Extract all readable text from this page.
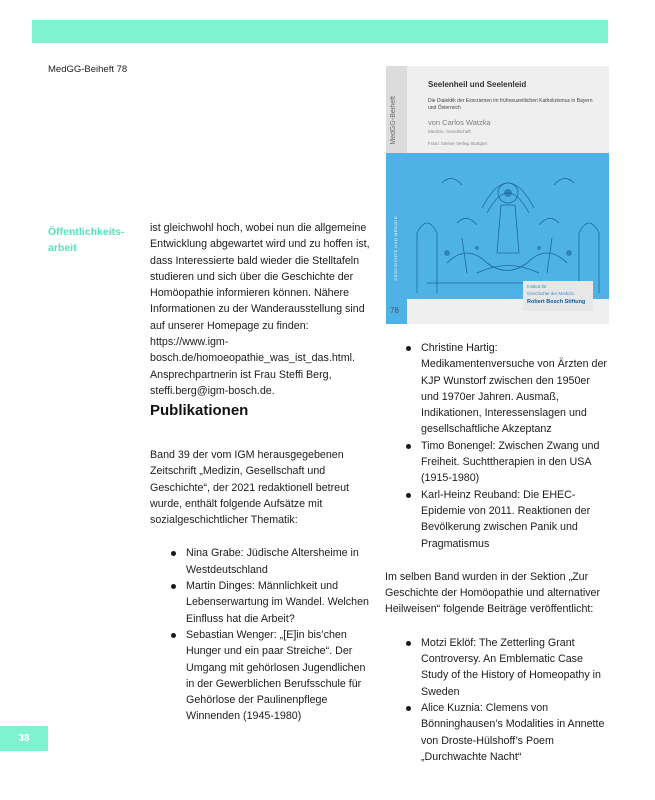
MedGG-Beiheft 78
Öffentlichkeits-
arbeit

ist gleichwohl hoch, wobei nun die allgemeine Entwicklung abgewartet wird und zu hoffen ist, dass Interessierte bald wieder die Stelltafeln studieren und sich über die Geschichte der Homöopathie informieren können. Nähere Informationen zu der Wanderausstellung sind auf unserer Homepage zu finden: https://www.igm-bosch.de/homoeopathie_was_ist_das.html. Ansprechpartnerin ist Frau Steffi Berg, steffi.berg@igm-bosch.de.

Publikationen

Band 39 der vom IGM herausgegebenen Zeitschrift „Medizin, Gesellschaft und Geschichte“, der 2021 redaktionell betreut wurde, enthält folgende Aufsätze mit sozialgeschichtlicher Thematik:

Nina Grabe: Jüdische Altersheime in Westdeutschland
Martin Dinges: Männlichkeit und Lebenserwartung im Wandel. Welchen Einfluss hat die Arbeit?
Sebastian Wenger: „[E]in bis’chen Hunger und ein paar Streiche“. Der Umgang mit gehörlosen Jugendlichen in der Gewerblichen Berufsschule für Gehörlose der Paulinenpflege Winnenden (1945-1980)
MedGG-Beiheft
GESCHICHTE UND MEDIZIN
Seelenheil und Seelenleid
Die Dialektik der Exorzismen im frühneuzeitlichen Katholizismus in Bayern und Österreich
von Carlos Watzka
Medizin, Gesellschaft
Franz Steiner Verlag Stuttgart
78
Institut für
Geschichte der Medizin
Robert Bosch Stiftung
Christine Hartig: Medikamentenversuche von Ärzten der KJP Wunstorf zwischen den 1950er und 1970er Jahren. Ausmaß, Indikationen, Interessenslagen und gesellschaftliche Akzeptanz
Timo Bonengel: Zwischen Zwang und Freiheit. Suchttherapien in den USA (1915-1980)
Karl-Heinz Reuband: Die EHEC-Epidemie von 2011. Reaktionen der Bevölkerung zwischen Panik und Pragmatismus

Im selben Band wurden in der Sektion „Zur Geschichte der Homöopathie und alternativer Heilweisen“ folgende Beiträge veröffentlicht:

Motzi Eklöf: The Zetterling Grant Controversy. An Emblematic Case Study of the History of Homeopathy in Sweden
Alice Kuznia: Clemens von Bönninghausen’s Modalities in Annette von Droste-Hülshoff’s Poem „Durchwachte Nacht“
38
